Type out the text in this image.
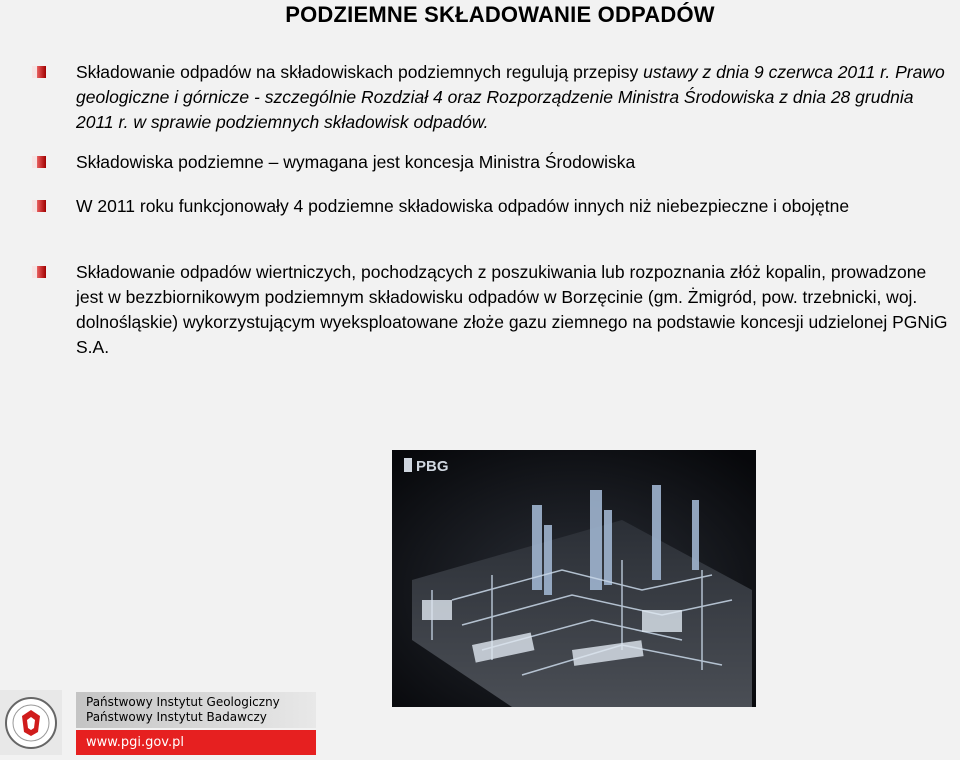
PODZIEMNE SKŁADOWANIE ODPADÓW
Składowanie odpadów na składowiskach podziemnych regulują przepisy ustawy z dnia 9 czerwca 2011 r. Prawo geologiczne i górnicze - szczególnie Rozdział 4 oraz Rozporządzenie Ministra Środowiska z dnia 28 grudnia 2011 r. w sprawie podziemnych składowisk odpadów.
Składowiska podziemne – wymagana jest koncesja Ministra Środowiska
W 2011 roku funkcjonowały 4 podziemne składowiska odpadów innych niż niebezpieczne i obojętne
Składowanie odpadów wiertniczych, pochodzących z poszukiwania lub rozpoznania złóż kopalin, prowadzone jest w bezzbiornikowym podziemnym składowisku odpadów w Borzęcinie (gm. Żmigród, pow. trzebnicki, woj. dolnośląskie) wykorzystującym wyeksploatowane złoże gazu ziemnego na podstawie koncesji udzielonej PGNiG S.A.
PBG
Państwowy Instytut Geologiczny
Państwowy Instytut Badawczy
www.pgi.gov.pl
